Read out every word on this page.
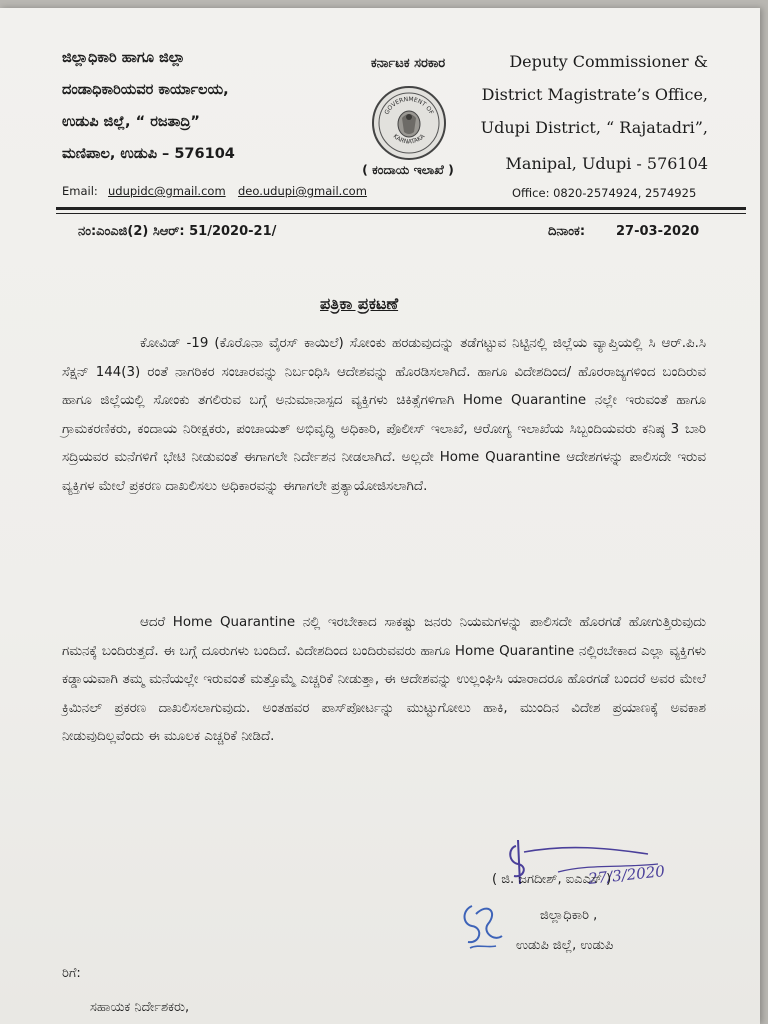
ಜಿಲ್ಲಾಧಿಕಾರಿ ಹಾಗೂ ಜಿಲ್ಲಾ
ದಂಡಾಧಿಕಾರಿಯವರ ಕಾರ್ಯಾಲಯ,
ಉಡುಪಿ ಜಿಲ್ಲೆ, “ ರಜತಾದ್ರಿ”
ಮಣಿಪಾಲ, ಉಡುಪಿ – 576104
ಕರ್ನಾಟಕ ಸರಕಾರ
GOVERNMENT OF
KARNATAKA
( ಕಂದಾಯ ಇಲಾಖೆ )
Deputy Commissioner &
District Magistrate’s Office,
Udupi District, “ Rajatadri”,
Manipal, Udupi - 576104
Email: udupidc@gmail.com deo.udupi@gmail.com	Office: 0820-2574924, 2574925
ನಂ:ಎಂಎಜಿ(2) ಸಿಆರ್: 51/2020-21/	ದಿನಾಂಕ: 27-03-2020
ಪತ್ರಿಕಾ ಪ್ರಕಟಣೆ
ಕೋವಿಡ್ -19 (ಕೊರೊನಾ ವೈರಸ್ ಕಾಯಿಲೆ) ಸೋಂಕು ಹರಡುವುದನ್ನು ತಡೆಗಟ್ಟುವ ನಿಟ್ಟಿನಲ್ಲಿ ಜಿಲ್ಲೆಯ ವ್ಯಾಪ್ತಿಯಲ್ಲಿ ಸಿ ಆರ್.ಪಿ.ಸಿ ಸೆಕ್ಷನ್ 144(3) ರಂತೆ ನಾಗರಿಕರ ಸಂಚಾರವನ್ನು ನಿರ್ಬಂಧಿಸಿ ಆದೇಶವನ್ನು ಹೊರಡಿಸಲಾಗಿದೆ. ಹಾಗೂ ವಿದೇಶದಿಂದ/ ಹೊರರಾಜ್ಯಗಳಿಂದ ಬಂದಿರುವ ಹಾಗೂ ಜಿಲ್ಲೆಯಲ್ಲಿ ಸೋಂಕು ತಗಲಿರುವ ಬಗ್ಗೆ ಅನುಮಾನಾಸ್ಪದ ವ್ಯಕ್ತಿಗಳು ಚಿಕಿತ್ಸೆಗಳಿಗಾಗಿ Home Quarantine ನಲ್ಲೇ ಇರುವಂತೆ ಹಾಗೂ ಗ್ರಾಮಕರಣಿಕರು, ಕಂದಾಯ ನಿರೀಕ್ಷಕರು, ಪಂಚಾಯತ್ ಅಭಿವೃದ್ಧಿ ಅಧಿಕಾರಿ, ಪೊಲೀಸ್ ಇಲಾಖೆ, ಆರೋಗ್ಯ ಇಲಾಖೆಯ ಸಿಬ್ಬಂದಿಯವರು ಕನಿಷ್ಠ 3 ಬಾರಿ ಸದ್ರಿಯವರ ಮನೆಗಳಿಗೆ ಭೇಟಿ ನೀಡುವಂತೆ ಈಗಾಗಲೇ ನಿರ್ದೇಶನ ನೀಡಲಾಗಿದೆ. ಅಲ್ಲದೇ Home Quarantine ಆದೇಶಗಳನ್ನು ಪಾಲಿಸದೇ ಇರುವ ವ್ಯಕ್ತಿಗಳ ಮೇಲೆ ಪ್ರಕರಣ ದಾಖಲಿಸಲು ಅಧಿಕಾರವನ್ನು ಈಗಾಗಲೇ ಪ್ರತ್ಯಾಯೋಜಿಸಲಾಗಿದೆ.
ಆದರೆ Home Quarantine ನಲ್ಲಿ ಇರಬೇಕಾದ ಸಾಕಷ್ಟು ಜನರು ನಿಯಮಗಳನ್ನು ಪಾಲಿಸದೇ ಹೊರಗಡೆ ಹೋಗುತ್ತಿರುವುದು ಗಮನಕ್ಕೆ ಬಂದಿರುತ್ತದೆ. ಈ ಬಗ್ಗೆ ದೂರುಗಳು ಬಂದಿದೆ. ವಿದೇಶದಿಂದ ಬಂದಿರುವವರು ಹಾಗೂ Home Quarantine ನಲ್ಲಿರಬೇಕಾದ ಎಲ್ಲಾ ವ್ಯಕ್ತಿಗಳು ಕಡ್ಡಾಯವಾಗಿ ತಮ್ಮ ಮನೆಯಲ್ಲೇ ಇರುವಂತೆ ಮತ್ತೊಮ್ಮೆ ಎಚ್ಚರಿಕೆ ನೀಡುತ್ತಾ, ಈ ಆದೇಶವನ್ನು ಉಲ್ಲಂಘಿಸಿ ಯಾರಾದರೂ ಹೊರಗಡೆ ಬಂದರೆ ಅವರ ಮೇಲೆ ಕ್ರಿಮಿನಲ್ ಪ್ರಕರಣ ದಾಖಲಿಸಲಾಗುವುದು. ಅಂತಹವರ ಪಾಸ್‌ಪೋರ್ಟನ್ನು ಮುಟ್ಟುಗೋಲು ಹಾಕಿ, ಮುಂದಿನ ವಿದೇಶ ಪ್ರಯಾಣಕ್ಕೆ ಅವಕಾಶ ನೀಡುವುದಿಲ್ಲವೆಂದು ಈ ಮೂಲಕ ಎಚ್ಚರಿಕೆ ನೀಡಿದೆ.
27/3/2020
( ಜಿ. ಜಗದೀಶ್, ಐಎಎಸ್ )
ಜಿಲ್ಲಾಧಿಕಾರಿ ,
ಉಡುಪಿ ಜಿಲ್ಲೆ, ಉಡುಪಿ
ರಿಗೆ:
ಸಹಾಯಕ ನಿರ್ದೇಶಕರು,
